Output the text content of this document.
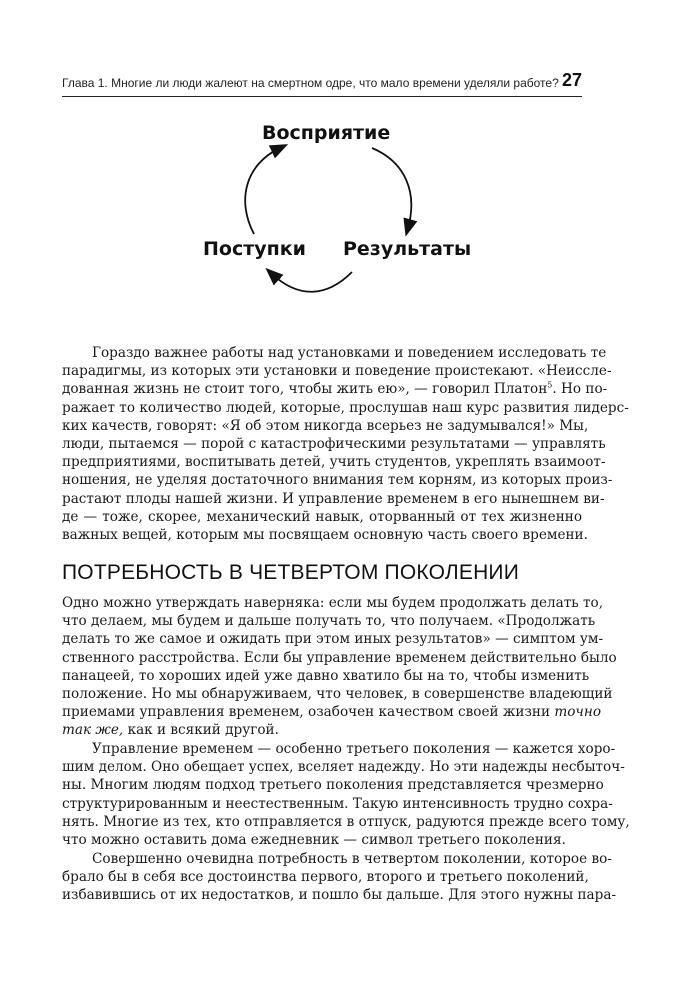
Глава 1. Многие ли люди жалеют на смертном одре, что мало времени уделяли работе? 27
Восприятие
Результаты
Поступки
Гораздо важнее работы над установками и поведением исследовать те
парадигмы, из которых эти установки и поведение проистекают. «Неиссле-
дованная жизнь не стоит того, чтобы жить ею», — говорил Платон$^5$. Но по-
ражает то количество людей, которые, прослушав наш курс развития лидерс-
ких качеств, говорят: «Я об этом никогда всерьез не задумывался!» Мы,
люди, пытаемся — порой с катастрофическими результатами — управлять
предприятиями, воспитывать детей, учить студентов, укреплять взаимоот-
ношения, не уделяя достаточного внимания тем корням, из которых произ-
растают плоды нашей жизни. И управление временем в его нынешнем ви-
де — тоже, скорее, механический навык, оторванный от тех жизненно
важных вещей, которым мы посвящаем основную часть своего времени.
ПОТРЕБНОСТЬ В ЧЕТВЕРТОМ ПОКОЛЕНИИ
Одно можно утверждать наверняка: если мы будем продолжать делать то,
что делаем, мы будем и дальше получать то, что получаем. «Продолжать
делать то же самое и ожидать при этом иных результатов» — симптом ум-
ственного расстройства. Если бы управление временем действительно было
панацеей, то хороших идей уже давно хватило бы на то, чтобы изменить
положение. Но мы обнаруживаем, что человек, в совершенстве владеющий
приемами управления временем, озабочен качеством своей жизни точно
так же, как и всякий другой.
Управление временем — особенно третьего поколения — кажется хоро-
шим делом. Оно обещает успех, вселяет надежду. Но эти надежды несбыточ-
ны. Многим людям подход третьего поколения представляется чрезмерно
структурированным и неестественным. Такую интенсивность трудно сохра-
нять. Многие из тех, кто отправляется в отпуск, радуются прежде всего тому,
что можно оставить дома ежедневник — символ третьего поколения.
Совершенно очевидна потребность в четвертом поколении, которое во-
брало бы в себя все достоинства первого, второго и третьего поколений,
избавившись от их недостатков, и пошло бы дальше. Для этого нужны пара-
